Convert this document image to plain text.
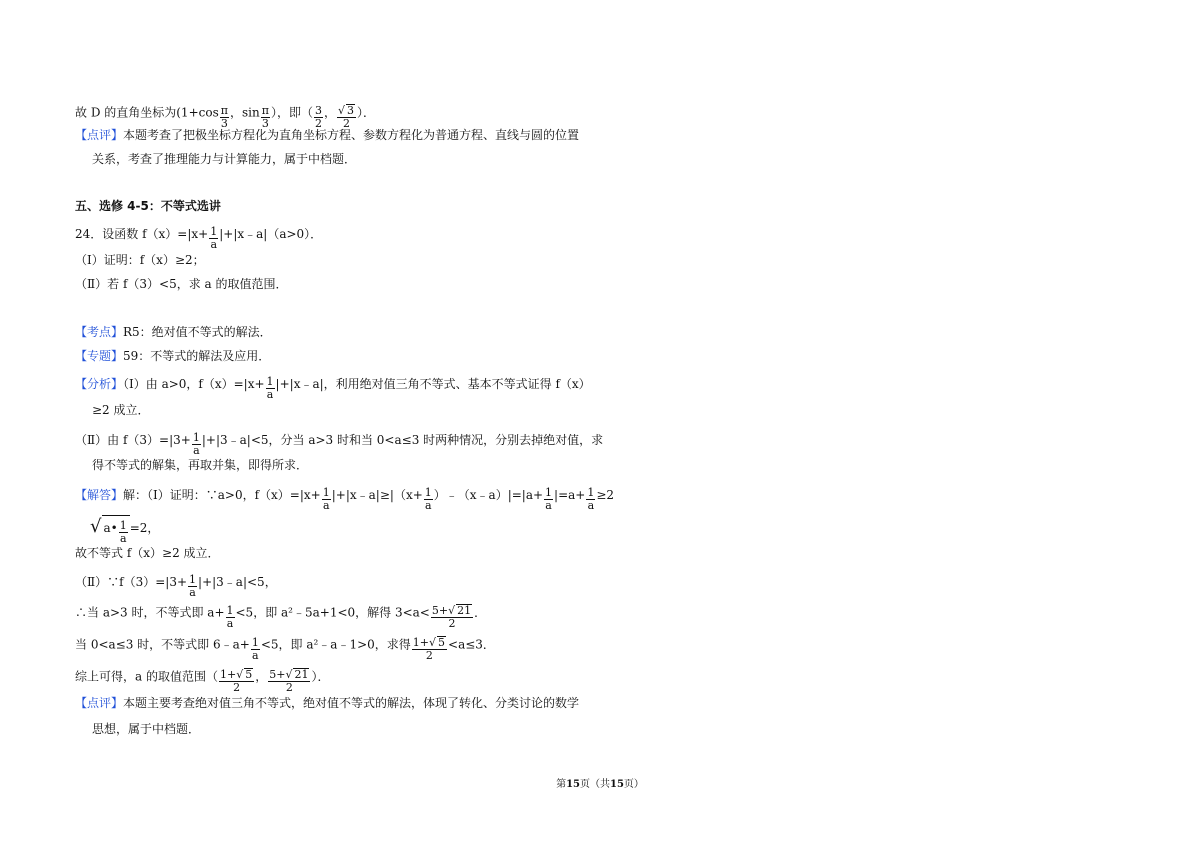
故 D 的直角坐标为($1+\cos \frac{\pi}{3}$ ，$\sin \frac{\pi}{3}$ ），即（ $\frac{3}{2}$ ， √ $\frac{3}{2}$ ）．
【点评】本题考查了把极坐标方程化为直角坐标方程、参数方程化为普通方程、直线与圆的位置
关系，考查了推理能力与计算能力，属于中档题．
五、选修 4-5：不等式选讲
24．设函数 $f(x)=|x+ \frac{1}{a}$ |+|x﹣a|（a>0）．
（Ⅰ）证明：f（x）≥2；
（Ⅱ）若 f（3）<5，求 a 的取值范围．
【考点】R5：绝对值不等式的解法．
【专题】59：不等式的解法及应用．
【分析】（Ⅰ）由 a>0，$f(x)=|x+ \frac{1}{a}$ |+|x﹣a|，利用绝对值三角不等式、基本不等式证得 f（x）
≥2 成立．
（Ⅱ）由 $f(3)=|3+ \frac{1}{a}$ |+|3﹣a|<5，分当 a>3 时和当 0<a≤3 时两种情况，分别去掉绝对值，求
得不等式的解集，再取并集，即得所求．
【解答】解：（Ⅰ）证明：∵a>0，$f(x)=|x+ \frac{1}{a}$ |+|x﹣a|≥|（x+ $\frac{1}{a}$ ）﹣（x﹣a）|=|a+ $\frac{1}{a} |=a+ \frac{1}{a} \ge 2$
√ a• $\frac{1}{a} =2$，
故不等式 f（x）≥2 成立．
（Ⅱ）∵f（3）=|3+ $\frac{1}{a}$ |+|3﹣a|<5，
∴当 a>3 时，不等式即 $a+ \frac{1}{a} <5$，即 a²﹣5a+1<0，解得 $3<a< \frac{5+ √ 21}{2}$ ．
当 0<a≤3 时，不等式即 6﹣a+ $\frac{1}{a} <5$，即 a²﹣a﹣1>0，求得 $\frac{1+ √ 5}{2} <a\le 3$．
综上可得，a 的取值范围（ $\frac{1+ √ 5}{2}$ ， $\frac{5+ √ 21}{2}$ ）．
【点评】本题主要考查绝对值三角不等式，绝对值不等式的解法，体现了转化、分类讨论的数学
思想，属于中档题．
第15页（共15页）
